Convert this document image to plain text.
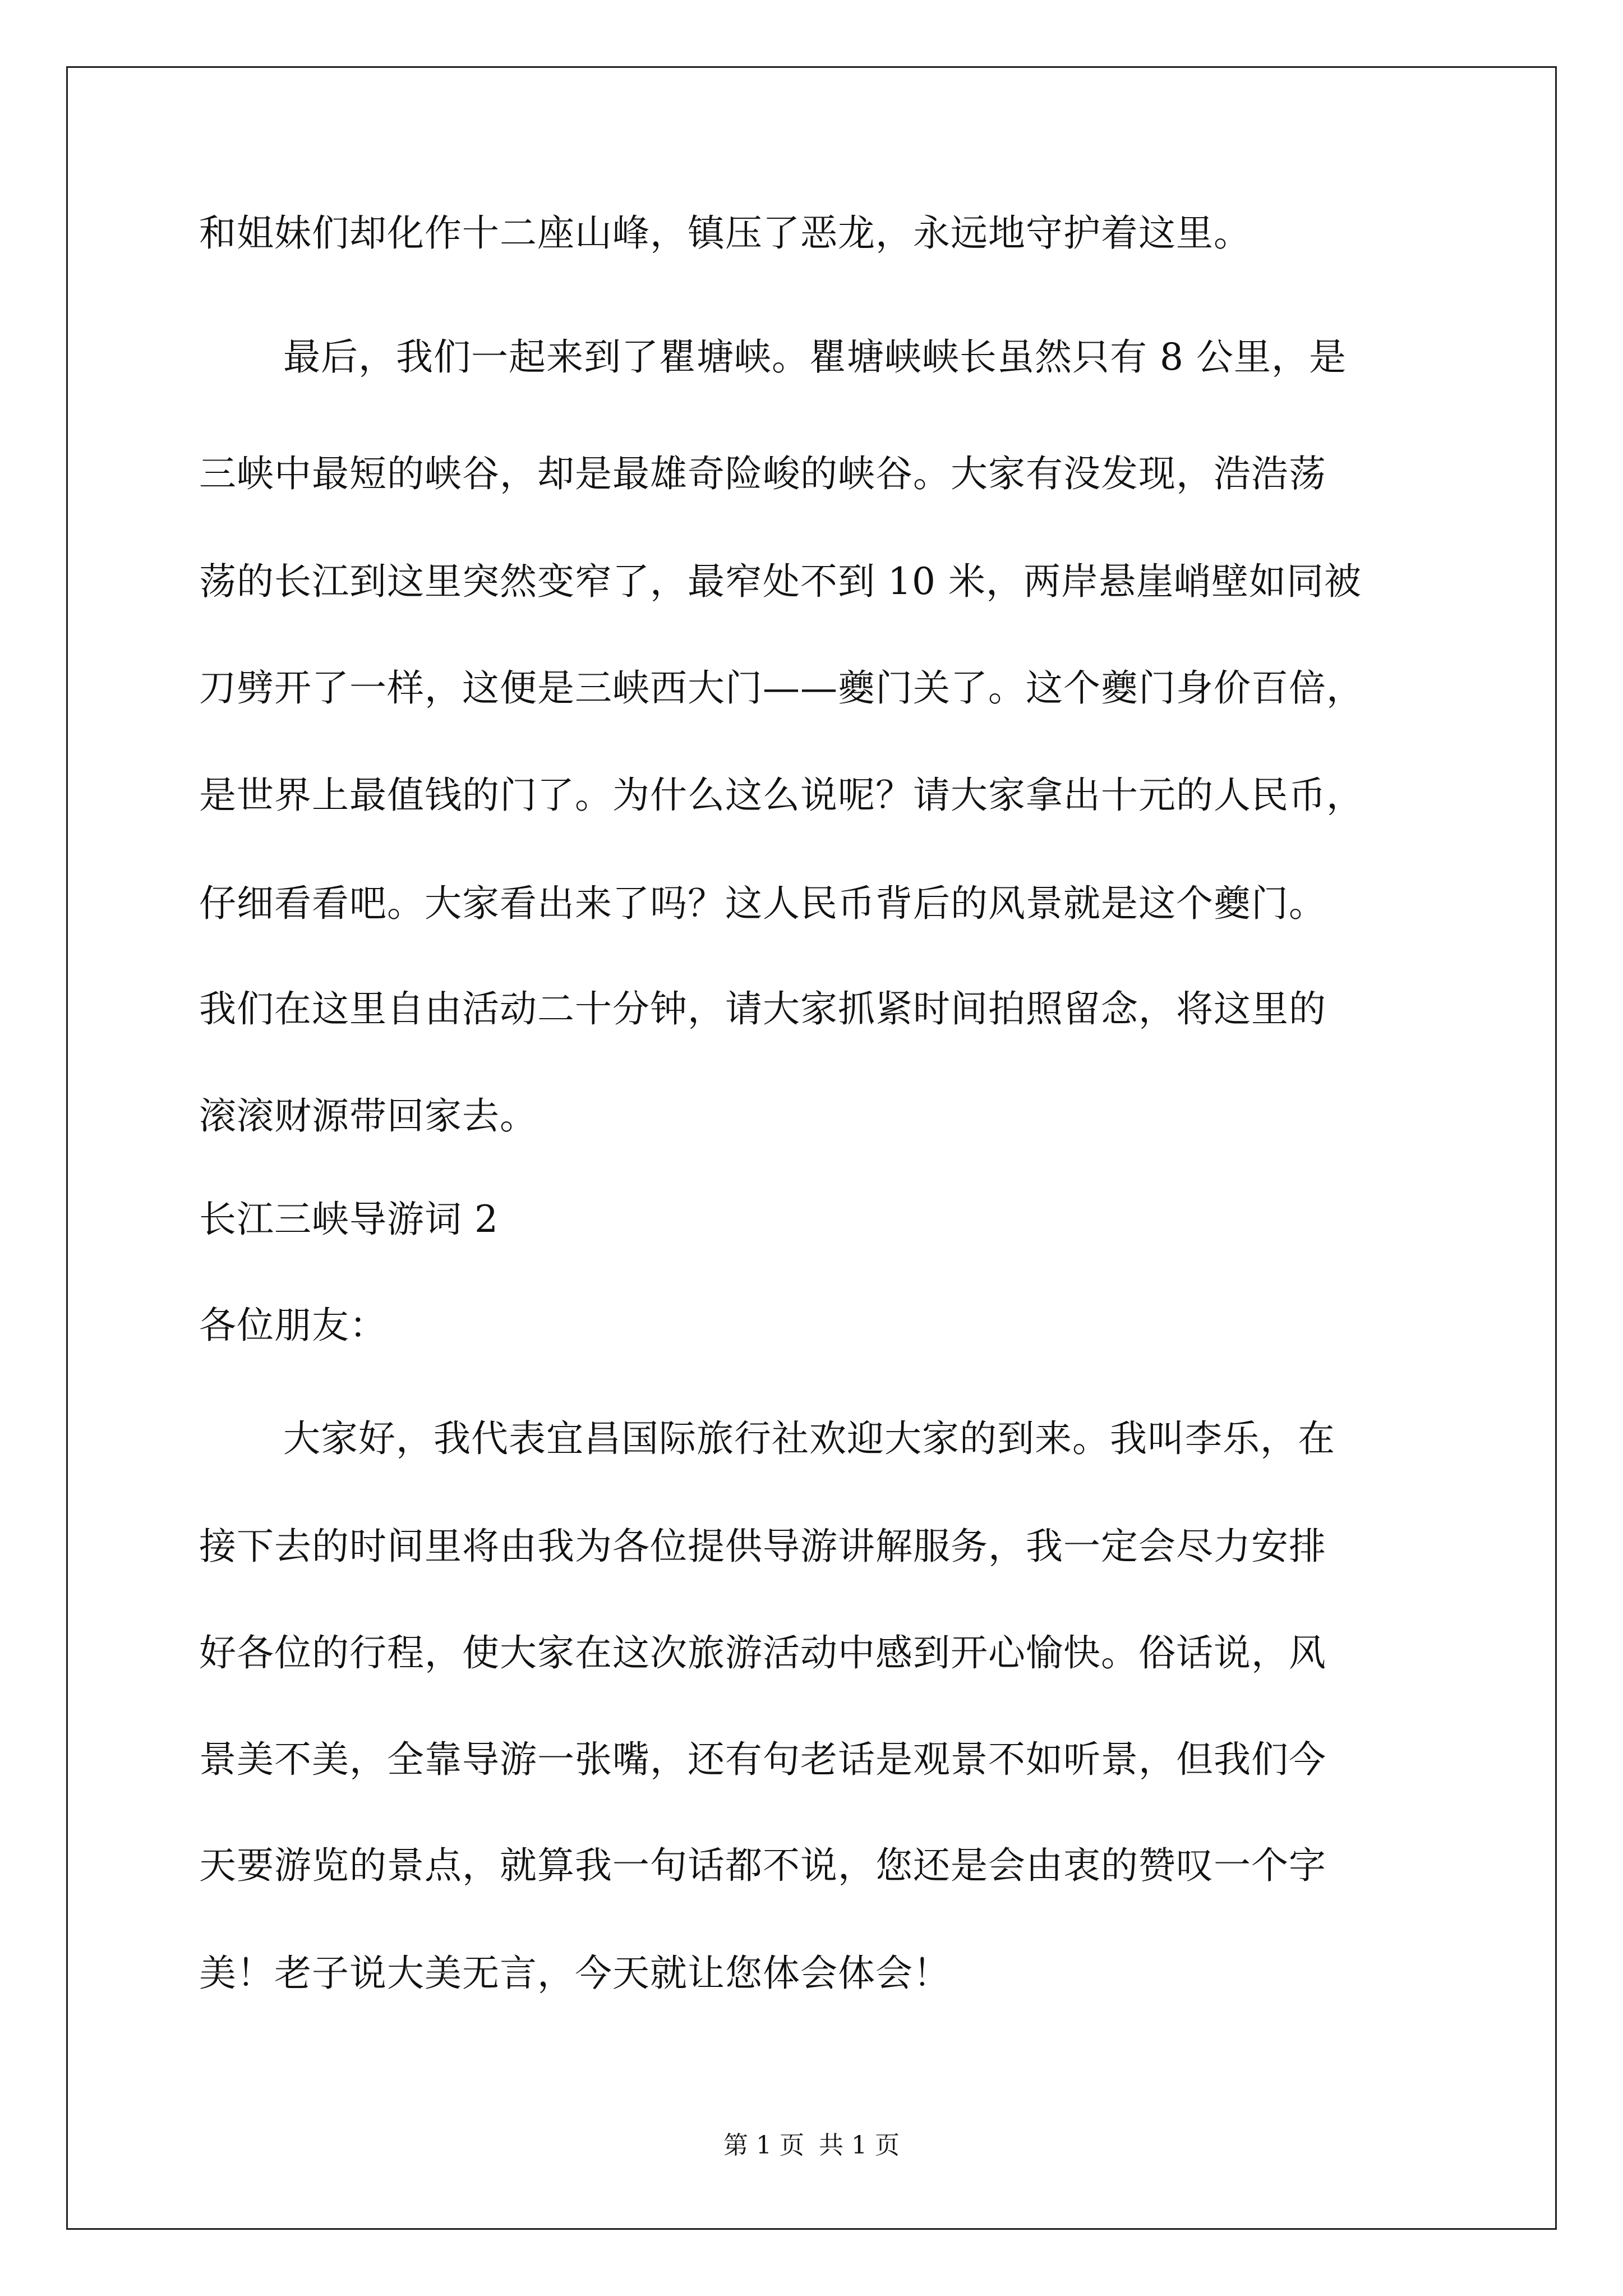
和姐妹们却化作十二座山峰，镇压了恶龙，永远地守护着这里。
最后，我们一起来到了瞿塘峡。瞿塘峡峡长虽然只有 8 公里，是
三峡中最短的峡谷，却是最雄奇险峻的峡谷。大家有没发现，浩浩荡
荡的长江到这里突然变窄了，最窄处不到 10 米，两岸悬崖峭壁如同被
刀劈开了一样，这便是三峡西大门——夔门关了。这个夔门身价百倍，
是世界上最值钱的门了。为什么这么说呢？请大家拿出十元的人民币，
仔细看看吧。大家看出来了吗？这人民币背后的风景就是这个夔门。
我们在这里自由活动二十分钟，请大家抓紧时间拍照留念，将这里的
滚滚财源带回家去。
长江三峡导游词 2
各位朋友：
大家好，我代表宜昌国际旅行社欢迎大家的到来。我叫李乐，在
接下去的时间里将由我为各位提供导游讲解服务，我一定会尽力安排
好各位的行程，使大家在这次旅游活动中感到开心愉快。俗话说，风
景美不美，全靠导游一张嘴，还有句老话是观景不如听景，但我们今
天要游览的景点，就算我一句话都不说，您还是会由衷的赞叹一个字
美！老子说大美无言，今天就让您体会体会！
第 1 页 共 1 页
